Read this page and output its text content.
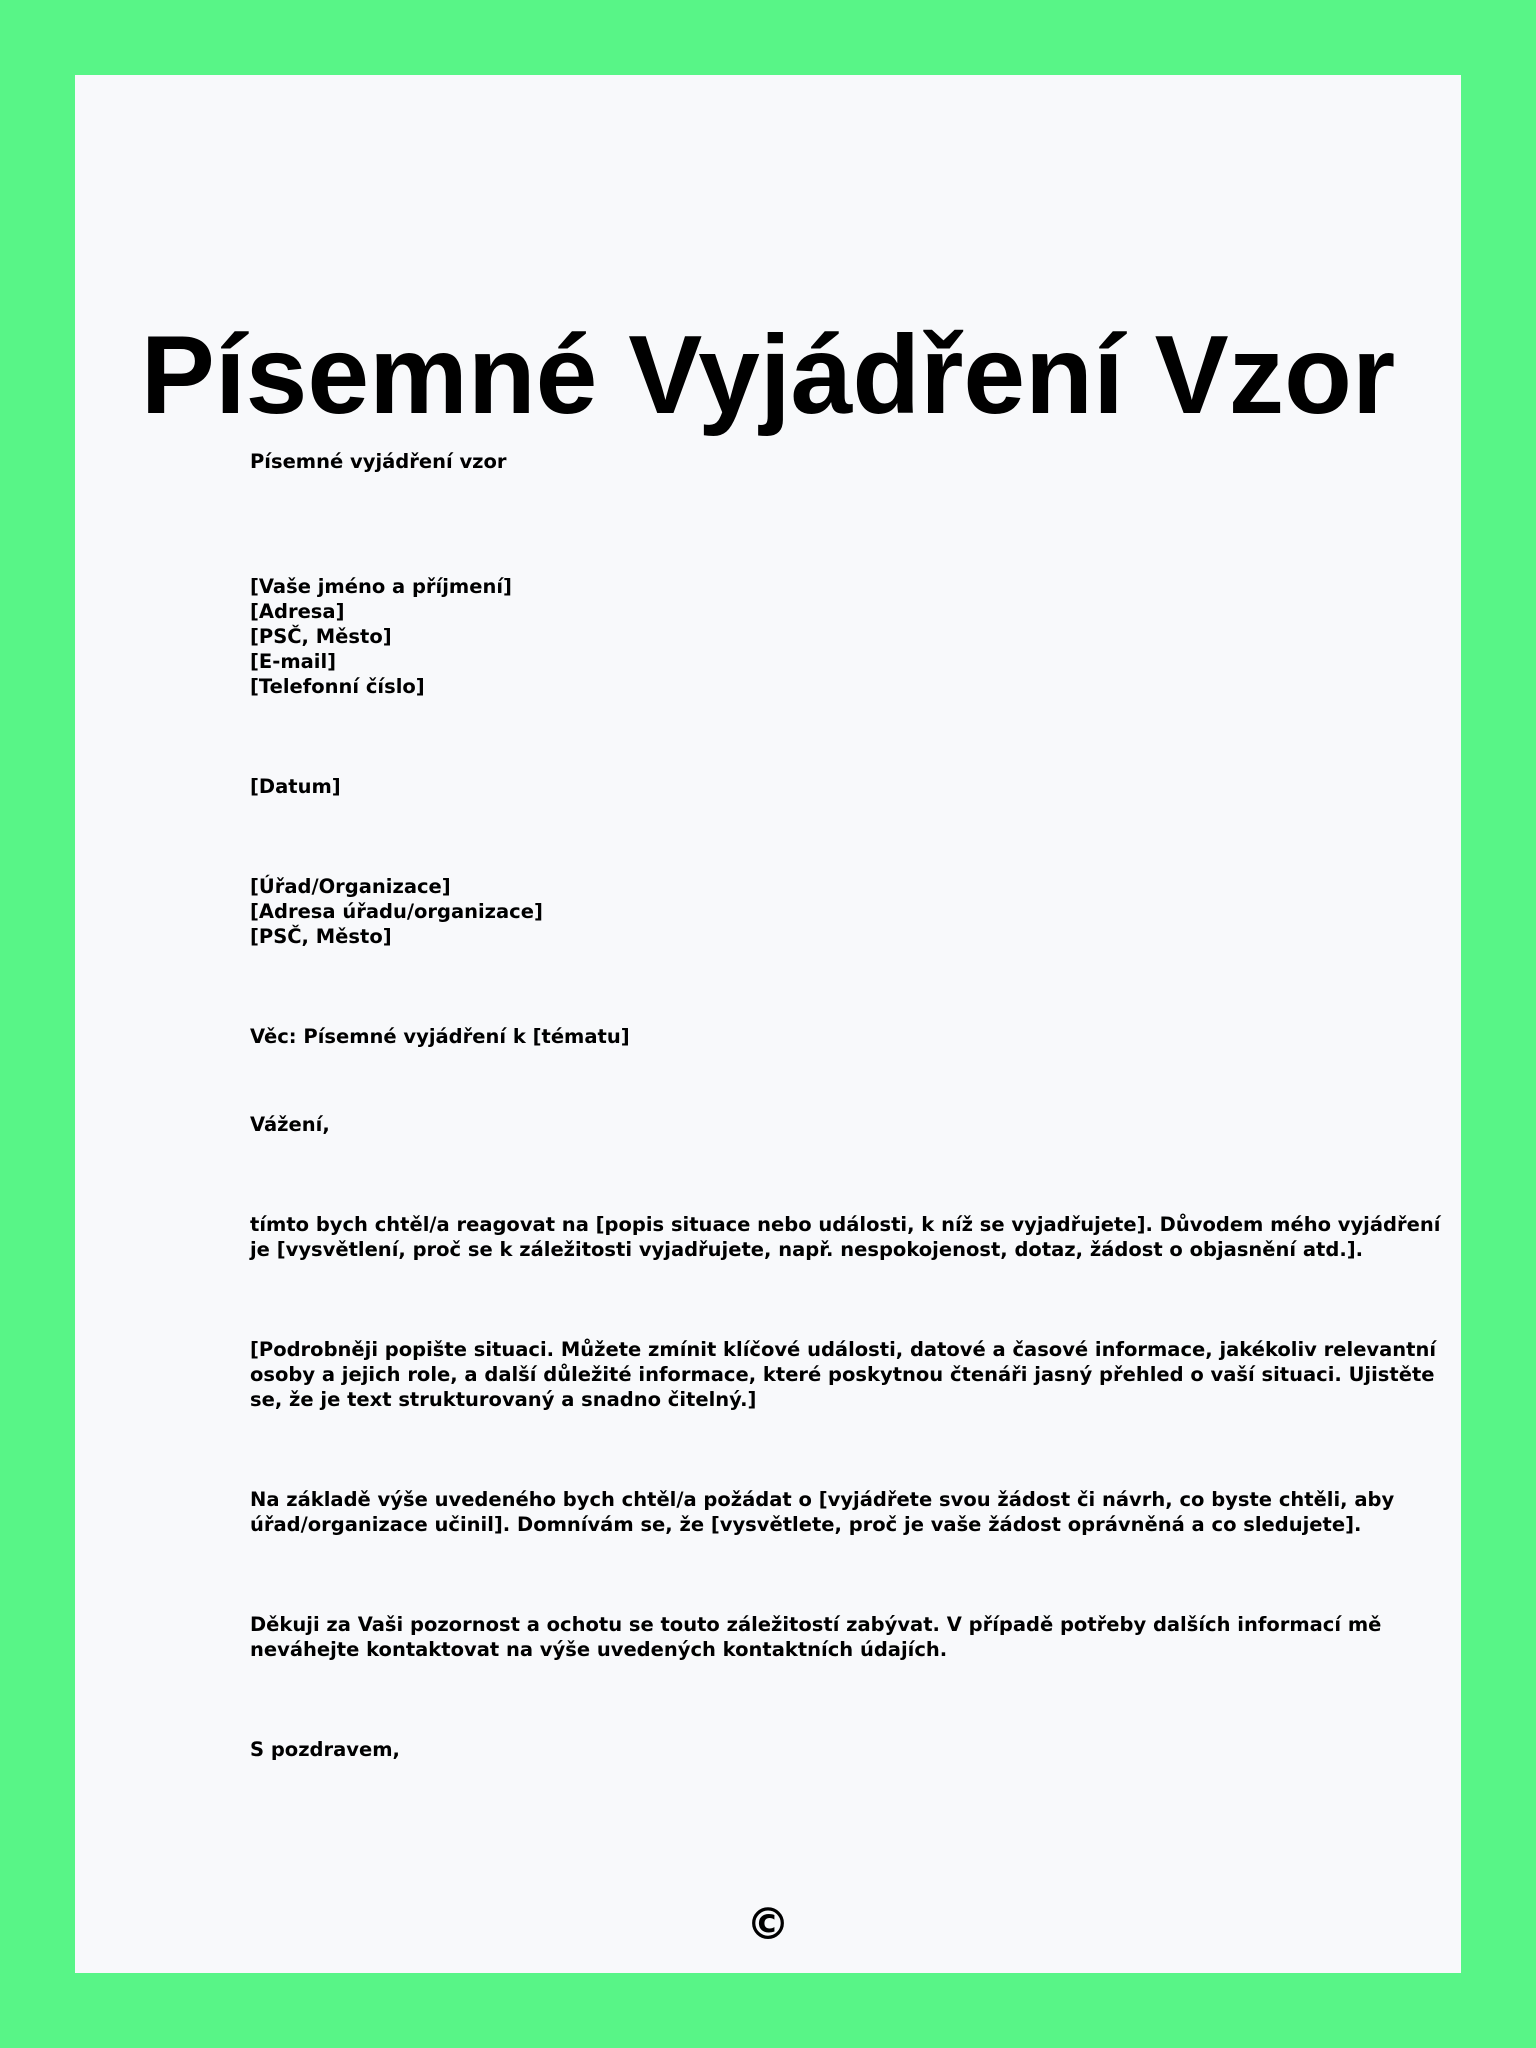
Písemné Vyjádření Vzor
Písemné vyjádření vzor
[Vaše jméno a příjmení]
[Adresa]
[PSČ, Město]
[E-mail]
[Telefonní číslo]
[Datum]
[Úřad/Organizace]
[Adresa úřadu/organizace]
[PSČ, Město]
Věc: Písemné vyjádření k [tématu]
Vážení,
tímto bych chtěl/a reagovat na [popis situace nebo události, k níž se vyjadřujete]. Důvodem mého vyjádření
je [vysvětlení, proč se k záležitosti vyjadřujete, např. nespokojenost, dotaz, žádost o objasnění atd.].
[Podrobněji popište situaci. Můžete zmínit klíčové události, datové a časové informace, jakékoliv relevantní
osoby a jejich role, a další důležité informace, které poskytnou čtenáři jasný přehled o vaší situaci. Ujistěte
se, že je text strukturovaný a snadno čitelný.]
Na základě výše uvedeného bych chtěl/a požádat o [vyjádřete svou žádost či návrh, co byste chtěli, aby
úřad/organizace učinil]. Domnívám se, že [vysvětlete, proč je vaše žádost oprávněná a co sledujete].
Děkuji za Vaši pozornost a ochotu se touto záležitostí zabývat. V případě potřeby dalších informací mě
neváhejte kontaktovat na výše uvedených kontaktních údajích.
S pozdravem,
©
